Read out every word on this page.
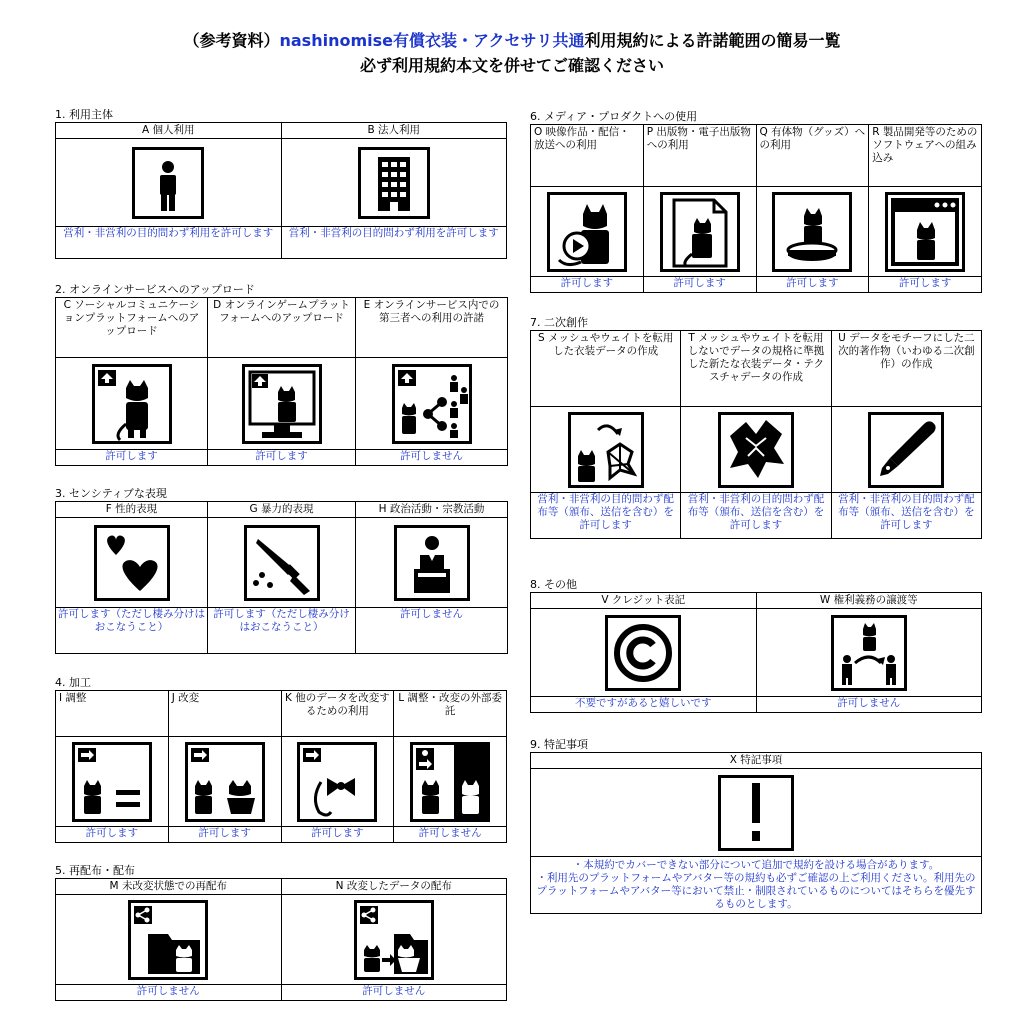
（参考資料）nashinomise有償衣装・アクセサリ共通利用規約による許諾範囲の簡易一覧
必ず利用規約本文を併せてご確認ください
1. 利用主体
A 個人利用	B 法人利用

営利・非営利の目的問わず利用を許可します	営利・非営利の目的問わず利用を許可します
2. オンラインサービスへのアップロード
C ソーシャルコミュニケーションプラットフォームへのアップロード	D オンラインゲームプラットフォームへのアップロード	E オンラインサービス内での第三者への利用の許諾

許可します	許可します	許可しません
3. センシティブな表現
F 性的表現	G 暴力的表現	H 政治活動・宗教活動

許可します（ただし棲み分けはおこなうこと）	許可します（ただし棲み分けはおこなうこと）	許可しません
4. 加工
I 調整	J 改変	K 他のデータを改変するための利用	L 調整・改変の外部委託

許可します	許可します	許可します	許可しません
5. 再配布・配布
M 未改変状態での再配布	N 改変したデータの配布

許可しません	許可しません
6. メディア・プロダクトへの使用
O 映像作品・配信・放送への利用	P 出版物・電子出版物への利用	Q 有体物（グッズ）への利用	R 製品開発等のためのソフトウェアへの組み込み

許可します	許可します	許可します	許可します
7. 二次創作
S メッシュやウェイトを転用した衣装データの作成	T メッシュやウェイトを転用しないでデータの規格に準拠した新たな衣装データ・テクスチャデータの作成	U データをモチーフにした二次的著作物（いわゆる二次創作）の作成

営利・非営利の目的問わず配布等（頒布、送信を含む）を許可します	営利・非営利の目的問わず配布等（頒布、送信を含む）を許可します	営利・非営利の目的問わず配布等（頒布、送信を含む）を許可します
8. その他
V クレジット表記	W 権利義務の譲渡等

不要ですがあると嬉しいです	許可しません
9. 特記事項
X 特記事項

・本規約でカバーできない部分について追加で規約を設ける場合があります。
・利用先のプラットフォームやアバター等の規約も必ずご確認の上ご利用ください。利用先のプラットフォームやアバター等において禁止・制限されているものについてはそちらを優先するものとします。
